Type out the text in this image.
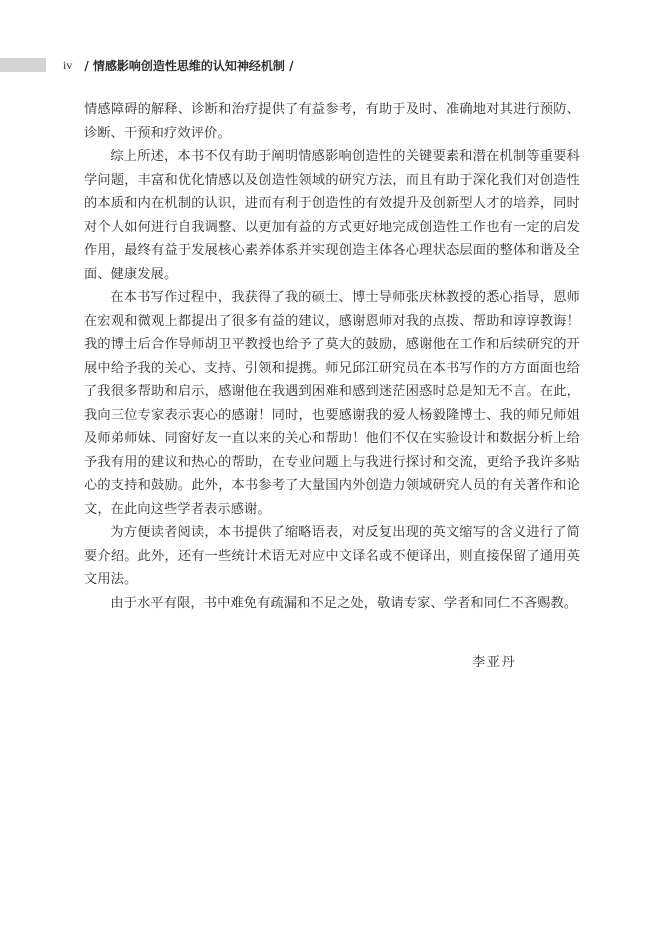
iv / 情感影响创造性思维的认知神经机制 /

情感障碍的解释、诊断和治疗提供了有益参考，有助于及时、准确地对其进行预防、诊断、干预和疗效评价。

综上所述，本书不仅有助于阐明情感影响创造性的关键要素和潜在机制等重要科学问题，丰富和优化情感以及创造性领域的研究方法，而且有助于深化我们对创造性的本质和内在机制的认识，进而有利于创造性的有效提升及创新型人才的培养，同时对个人如何进行自我调整、以更加有益的方式更好地完成创造性工作也有一定的启发作用，最终有益于发展核心素养体系并实现创造主体各心理状态层面的整体和谐及全面、健康发展。

在本书写作过程中，我获得了我的硕士、博士导师张庆林教授的悉心指导，恩师在宏观和微观上都提出了很多有益的建议，感谢恩师对我的点拨、帮助和谆谆教诲！我的博士后合作导师胡卫平教授也给予了莫大的鼓励，感谢他在工作和后续研究的开展中给予我的关心、支持、引领和提携。师兄邱江研究员在本书写作的方方面面也给了我很多帮助和启示，感谢他在我遇到困难和感到迷茫困惑时总是知无不言。在此，我向三位专家表示衷心的感谢！同时，也要感谢我的爱人杨毅隆博士、我的师兄师姐及师弟师妹、同窗好友一直以来的关心和帮助！他们不仅在实验设计和数据分析上给予我有用的建议和热心的帮助，在专业问题上与我进行探讨和交流，更给予我许多贴心的支持和鼓励。此外，本书参考了大量国内外创造力领域研究人员的有关著作和论文，在此向这些学者表示感谢。

为方便读者阅读，本书提供了缩略语表，对反复出现的英文缩写的含义进行了简要介绍。此外，还有一些统计术语无对应中文译名或不便译出，则直接保留了通用英文用法。

由于水平有限，书中难免有疏漏和不足之处，敬请专家、学者和同仁不吝赐教。

李亚丹
